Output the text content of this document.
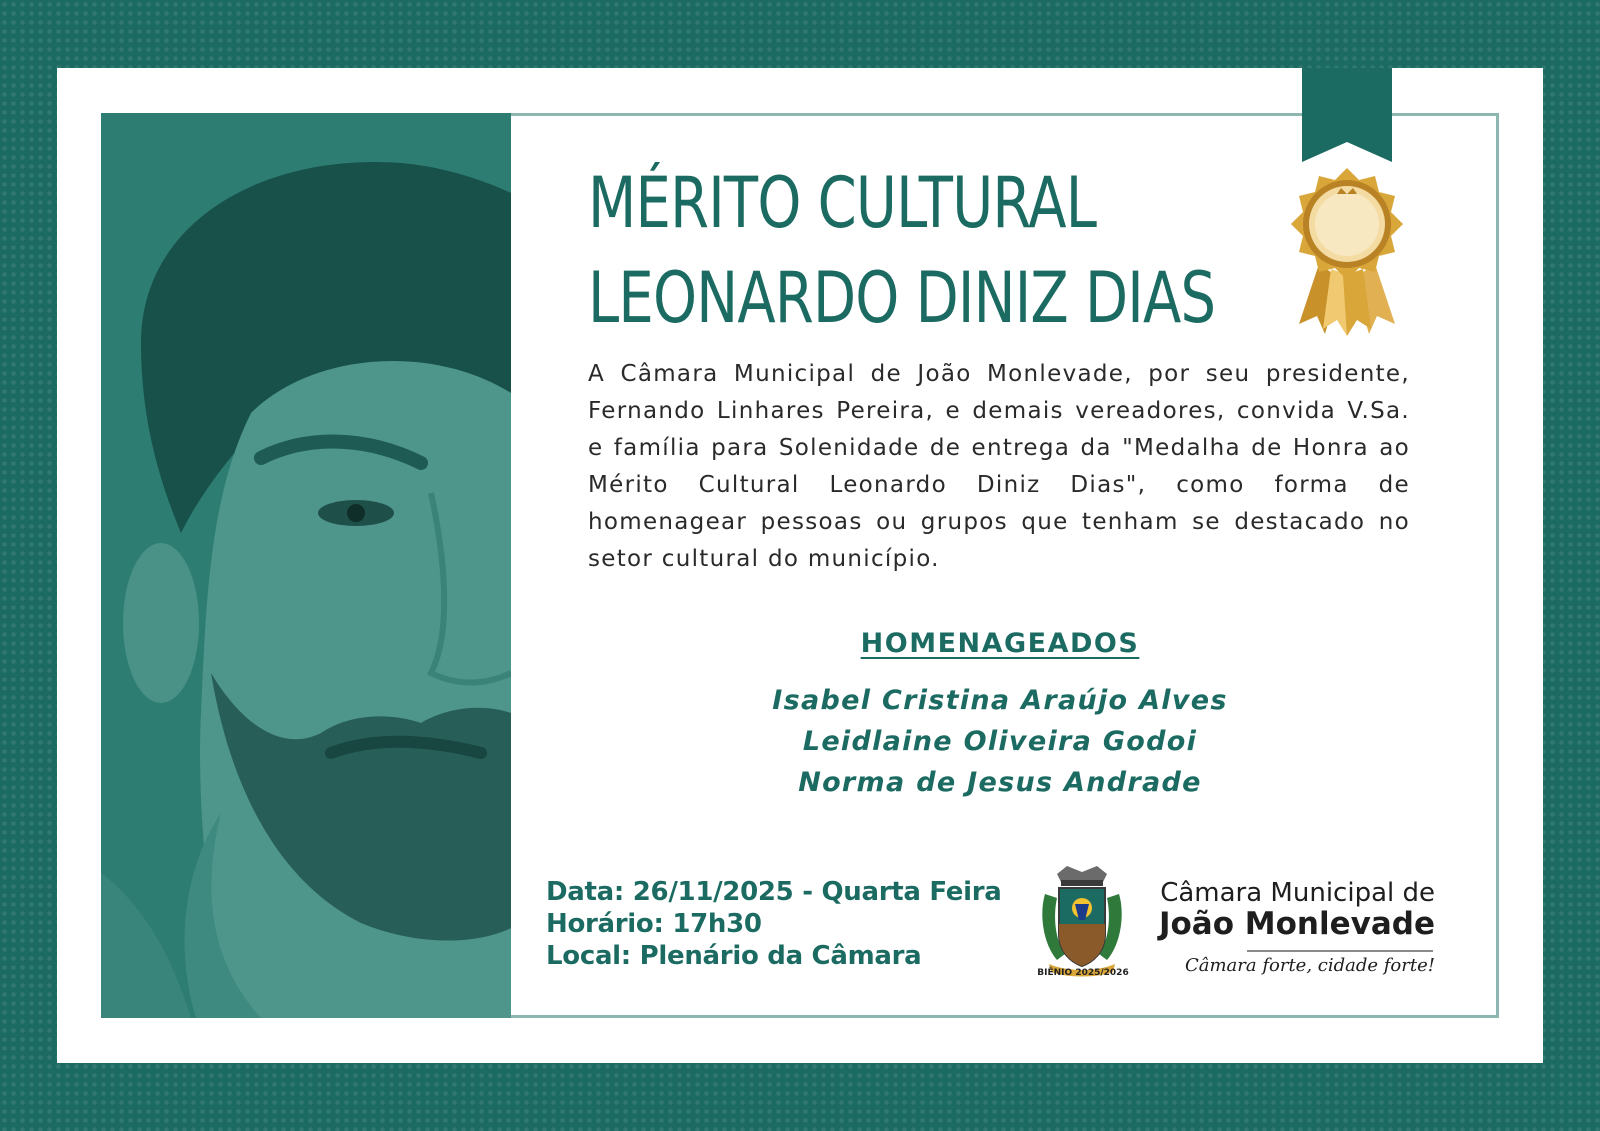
MÉRITO CULTURAL
LEONARDO DINIZ DIAS

A Câmara Municipal de João Monlevade, por seu presidente, Fernando Linhares Pereira, e demais vereadores, convida V.Sa. e família para Solenidade de entrega da "Medalha de Honra ao Mérito Cultural Leonardo Diniz Dias", como forma de homenagear pessoas ou grupos que tenham se destacado no setor cultural do município.

HOMENAGEADOS
Isabel Cristina Araújo Alves
Leidlaine Oliveira Godoi
Norma de Jesus Andrade
Data: 26/11/2025 - Quarta Feira
Horário: 17h30
Local: Plenário da Câmara
BIÊNIO 2025/2026
Câmara Municipal de
João Monlevade
Câmara forte, cidade forte!
